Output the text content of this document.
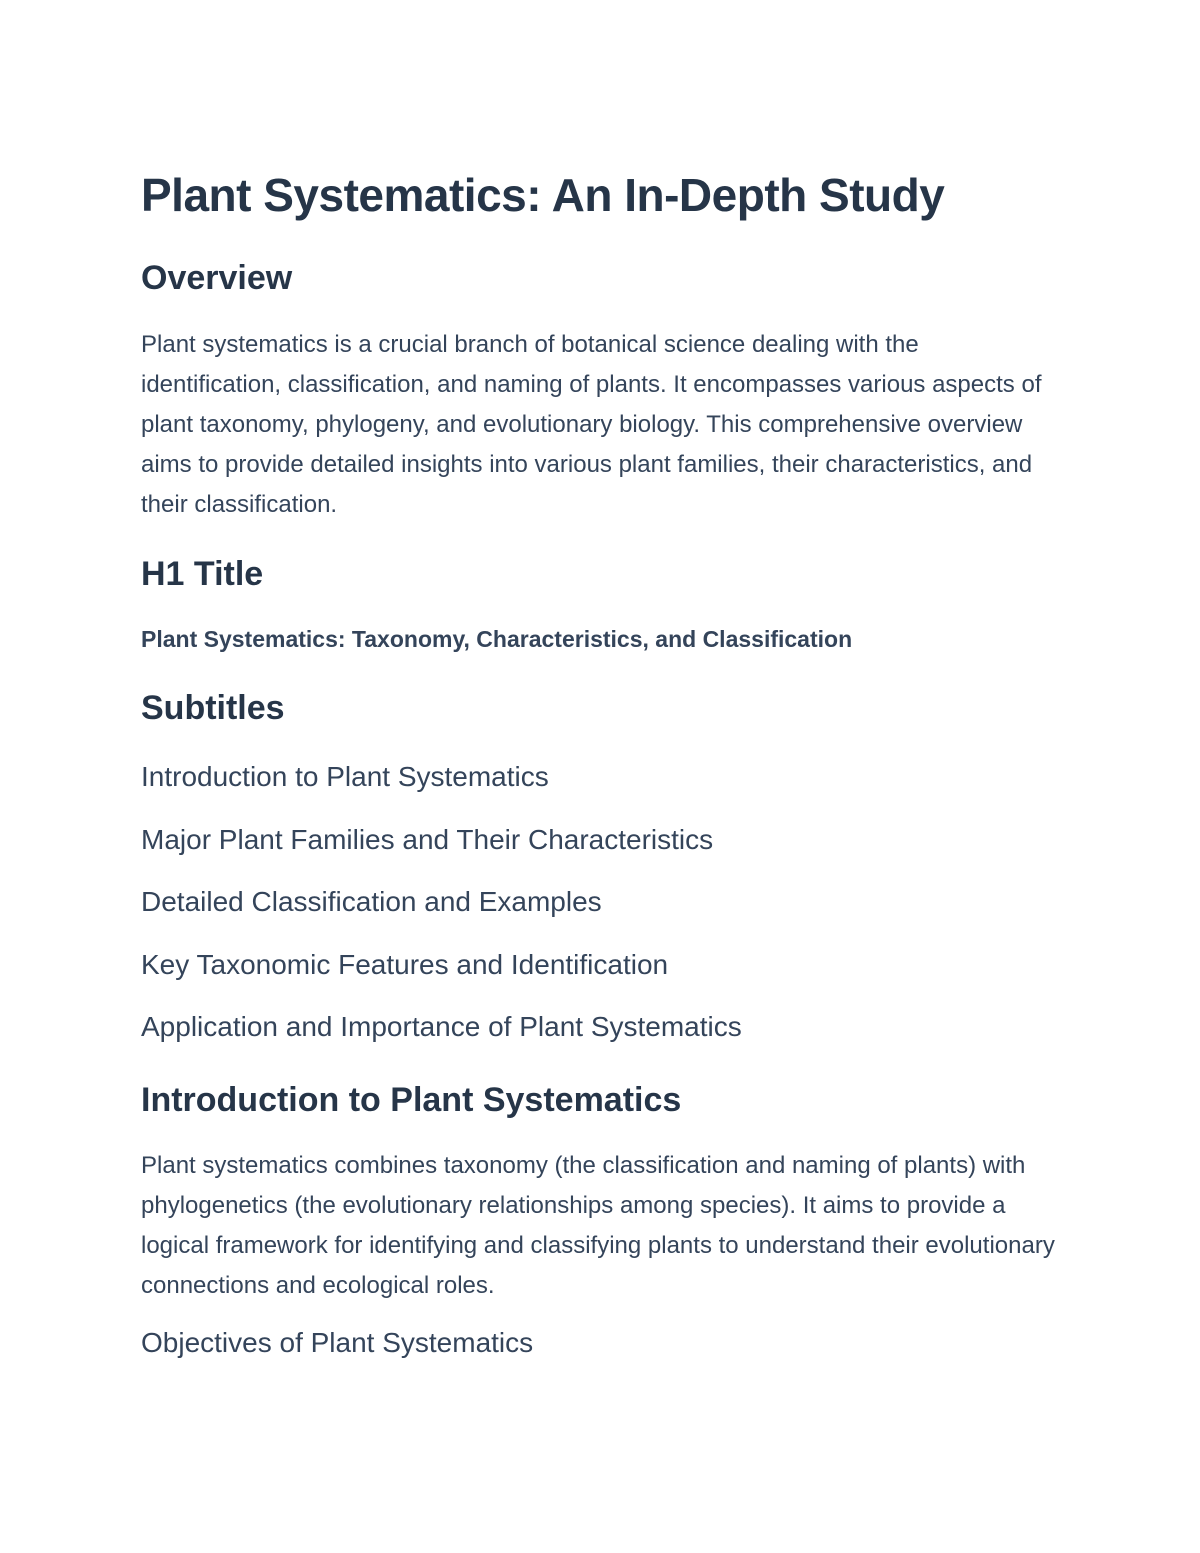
Plant Systematics: An In-Depth Study
Overview

Plant systematics is a crucial branch of botanical science dealing with the identification, classification, and naming of plants. It encompasses various aspects of plant taxonomy, phylogeny, and evolutionary biology. This comprehensive overview aims to provide detailed insights into various plant families, their characteristics, and their classification.

H1 Title

Plant Systematics: Taxonomy, Characteristics, and Classification

Subtitles
Introduction to Plant Systematics
Major Plant Families and Their Characteristics
Detailed Classification and Examples
Key Taxonomic Features and Identification
Application and Importance of Plant Systematics
Introduction to Plant Systematics

Plant systematics combines taxonomy (the classification and naming of plants) with phylogenetics (the evolutionary relationships among species). It aims to provide a logical framework for identifying and classifying plants to understand their evolutionary connections and ecological roles.

Objectives of Plant Systematics
